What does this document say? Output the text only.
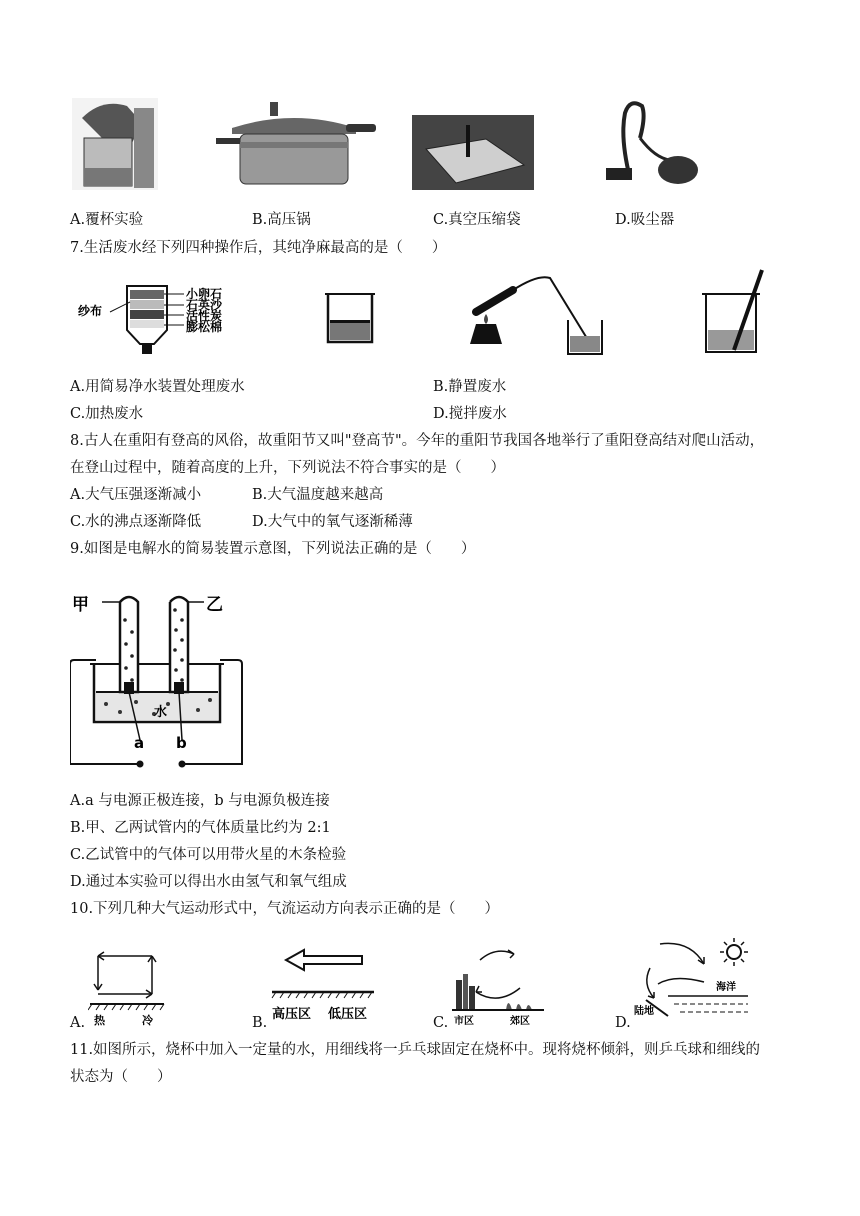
A.覆杯实验	B.高压锅	C.真空压缩袋	D.吸尘器
7.生活废水经下列四种操作后，其纯净麻最高的是（　　）
纱布
小卵石
石英沙
活性炭
膨松棉
A.用简易净水装置处理废水	B.静置废水
C.加热废水	D.搅拌废水
8.古人在重阳有登高的风俗，故重阳节又叫"登高节"。今年的重阳节我国各地举行了重阳登高结对爬山活动，
在登山过程中，随着高度的上升，下列说法不符合事实的是（　　）
A.大气压强逐渐减小	B.大气温度越来越高
C.水的沸点逐渐降低	D.大气中的氧气逐渐稀薄
9.如图是电解水的简易装置示意图，下列说法正确的是（　　）
甲	乙
水
a b
A.a 与电源正极连接，b 与电源负极连接
B.甲、乙两试管内的气体质量比约为 2:1
C.乙试管中的气体可以用带火星的木条检验
D.通过本实验可以得出水由氢气和氧气组成
10.下列几种大气运动形式中，气流运动方向表示正确的是（　　）
A. 热	冷	B.
高压区 低压区
C. 市区	郊区	D.
陆地
海洋
11.如图所示，烧杯中加入一定量的水，用细线将一乒乓球固定在烧杯中。现将烧杯倾斜，则乒乓球和细线的
状态为（　　）
